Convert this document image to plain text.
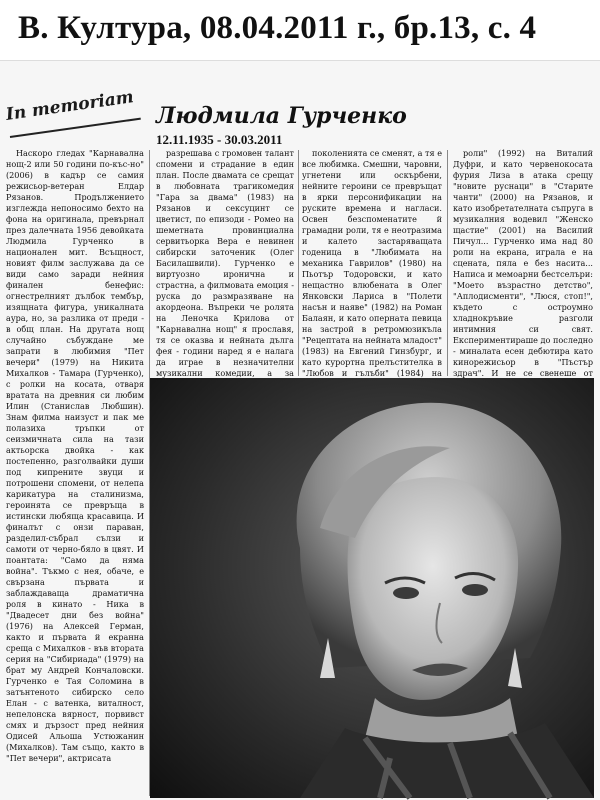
В. Култура, 08.04.2011 г., бр.13, с. 4
In memoriam Людмила Гурченко
12.11.1935 - 30.03.2011

Наскоро гледах "Карнавална нощ-2 или 50 години по-къс-но" (2006) в кадър се самия режисьор-ветеран Елдар Рязанов. Продължението изглежда непоносимо бехто на фона на оригинала, превърнал през далечната 1956 девойката Людмила Гурченко в национален мит. Всъщност, новият филм заслужава да се види само заради нейния финален бенефис: огнестрелният дълбок тембър, изящната фигура, уникалната аура, но, за разлика от преди - в общ план. На другата нощ случайно събуждане ме запрати в любимия "Пет вечери" (1979) на Никита Михалков - Тамара (Гурченко), с ролки на косата, отваря вратата на древния си любим Илин (Станислав Любшин). Знам филма наизуст и пак ме полазиха тръпки от сеизмичната сила на тази актьорска двойка - как постепенно, разголвайки души под кипрените звуци и потрошени спомени, от нелепа карикатура на сталинизма, героинята се превръща в истински любяща красавица. И финалът с онзи параван, разделил-събрал сълзи и самоти от черно-бяло в цвят. И поантата: "Само да няма война". Тъкмо с нея, обаче, е свързана първата и заблаждаваща драматична роля в кинато - Ника в "Двадесет дни без война" (1976) на Алексей Герман, както и първата й екранна среща с Михалков - във втората серия на "Сибириада" (1979) на брат му Андрей Кончаловски. Гурченко е Тая Соломина в затънтеното сибирско село Елан - с ватенка, виталност, непелонска вярност, порвивст смях и дързост пред нейния Одисей Альоша Устюжанин (Михалков). Там също, както в "Пет вечери", актрисата

разрешава с громовен талант спомени и страдание в един план. После двамата се срещат в любовната трагикомедия "Гара за двама" (1983) на Рязанов и сексуцинт се цветист, по епизоди - Ромео на шеметната провинциална сервитьорка Вера е невинен сибирски заточеник (Олег Басилашвили). Гурченко е виртуозно иронична и страстна, а филмовата емоция - руска до размразяване на акордеона. Въпреки че ролята на Леночка Крилова от "Карнавална нощ" я прославя, тя се оказва и нейната дълга фея - години наред я е налага да играе в незначителни музикални комедии, а за

поколенията се сменят, а тя е все любимка. Смешни, чаровни, угнетени или оскърбени, нейните героини се превръщат в ярки персонификации на руските времена и нагласи. Освен безспоменатите й грамадни роли, тя е неотразима и калето застаряващата годеница в "Любимата на механика Гаврилов" (1980) на Пьотър Тодоровски, и като нещастно влюбената в Олег Янковски Лариса в "Полети насън и наяве" (1982) на Роман Балаян, и като оперната певица на застрой в ретромюзикъла "Рецептата на нейната младост" (1983) на Евгений Гинзбург, и като курортна прелъстителка в "Любов и гълъби" (1984) на

роли" (1992) на Виталий Дуфри, и като червенокосата фурия Лиза в атака срещу "новите руснаци" в "Старите чанти" (2000) на Рязанов, и като изобретателната съпруга в музикалния водевил "Женско щастие" (2001) на Василий Пичул... Гурченко има над 80 роли на екрана, играла е на сцената, пяла е без насита... Написа и мемоарни бестселъри: "Моето възрастно детство", "Аплодисменти", "Люся, стоп!", където с остроумно хладнокръвие разголи интимния си свят. Експериментираше до последно - миналата есен дебютира като кинорежисьор в "Пъстър здрач". И не се свенеше от
